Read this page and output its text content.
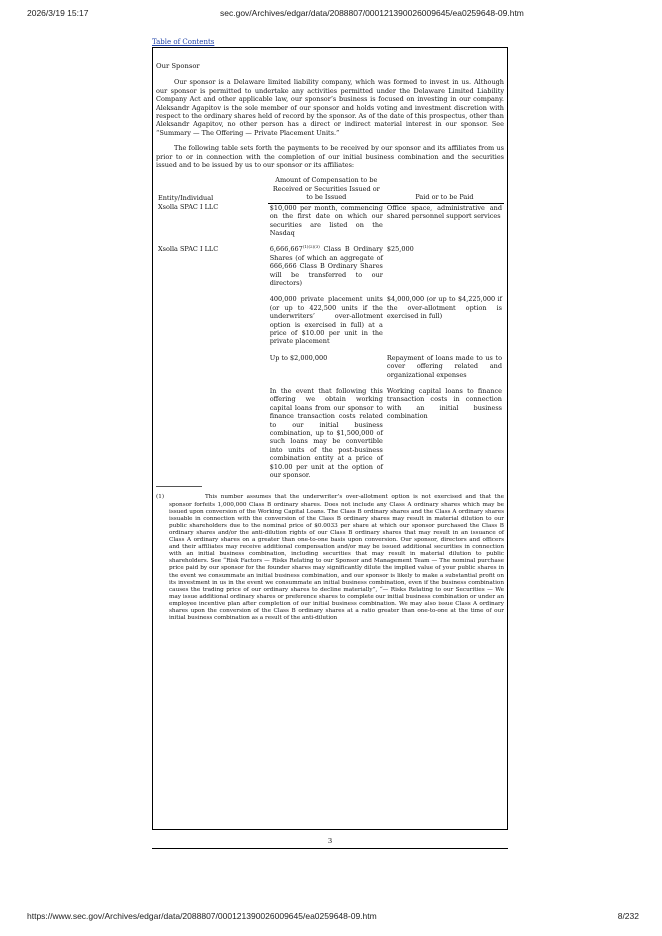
2026/3/19 15:17	sec.gov/Archives/edgar/data/2088807/000121390026009645/ea0259648-09.htm
Table of Contents
Our Sponsor

Our sponsor is a Delaware limited liability company, which was formed to invest in us. Although our sponsor is permitted to undertake any activities permitted under the Delaware Limited Liability Company Act and other applicable law, our sponsor’s business is focused on investing in our company. Aleksandr Agapitov is the sole member of our sponsor and holds voting and investment discretion with respect to the ordinary shares held of record by the sponsor. As of the date of this prospectus, other than Aleksandr Agapitov, no other person has a direct or indirect material interest in our sponsor. See “Summary — The Offering — Private Placement Units.”

The following table sets forth the payments to be received by our sponsor and its affiliates from us prior to or in connection with the completion of our initial business combination and the securities issued and to be issued by us to our sponsor or its affiliates:

Entity/Individual	Amount of Compensation to be Received or Securities Issued or to be Issued	Paid or to be Paid
Xsolla SPAC I LLC	$10,000 per month, commencing on the first date on which our securities are listed on the Nasdaq	Office space, administrative and shared personnel support services
Xsolla SPAC I LLC	$6,666,667^{(1)(2)(3)}$ Class B Ordinary Shares (of which an aggregate of 666,666 Class B Ordinary Shares will be transferred to our directors)	$25,000
	400,000 private placement units (or up to 422,500 units if the underwriters’ over-allotment option is exercised in full) at a price of $10.00 per unit in the private placement	$4,000,000 (or up to $4,225,000 if the over-allotment option is exercised in full)
	Up to $2,000,000	Repayment of loans made to us to cover offering related and organizational expenses
	In the event that following this offering we obtain working capital loans from our sponsor to finance transaction costs related to our initial business combination, up to $1,500,000 of such loans may be convertible into units of the post-business combination entity at a price of $10.00 per unit at the option of our sponsor.	Working capital loans to finance transaction costs in connection with an initial business combination
(1)	This number assumes that the underwriter’s over-allotment option is not exercised and that the sponsor forfeits 1,000,000 Class B ordinary shares. Does not include any Class A ordinary shares which may be issued upon conversion of the Working Capital Loans. The Class B ordinary shares and the Class A ordinary shares issuable in connection with the conversion of the Class B ordinary shares may result in material dilution to our public shareholders due to the nominal price of $0.0033 per share at which our sponsor purchased the Class B ordinary shares and/or the anti-dilution rights of our Class B ordinary shares that may result in an issuance of Class A ordinary shares on a greater than one-to-one basis upon conversion. Our sponsor, directors and officers and their affiliates may receive additional compensation and/or may be issued additional securities in connection with an initial business combination, including securities that may result in material dilution to public shareholders. See “Risk Factors — Risks Relating to our Sponsor and Management Team — The nominal purchase price paid by our sponsor for the founder shares may significantly dilute the implied value of your public shares in the event we consummate an initial business combination, and our sponsor is likely to make a substantial profit on its investment in us in the event we consummate an initial business combination, even if the business combination causes the trading price of our ordinary shares to decline materially”, “— Risks Relating to our Securities — We may issue additional ordinary shares or preference shares to complete our initial business combination or under an employee incentive plan after completion of our initial business combination. We may also issue Class A ordinary shares upon the conversion of the Class B ordinary shares at a ratio greater than one-to-one at the time of our initial business combination as a result of the anti-dilution
3
https://www.sec.gov/Archives/edgar/data/2088807/000121390026009645/ea0259648-09.htm	8/232
